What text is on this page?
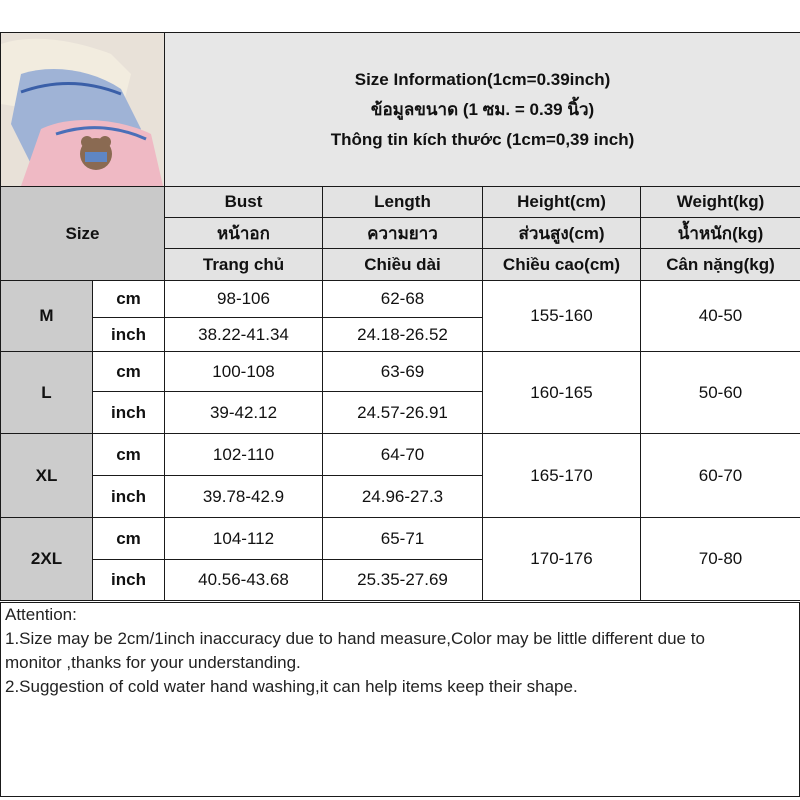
Size Information(1cm=0.39inch)
ข้อมูลขนาด (1 ซม. = 0.39 นิ้ว)
Thông tin kích thước (1cm=0,39 inch)			

Size		Bust	Length	Height(cm)	Weight(kg)
		หน้าอก	ความยาว	ส่วนสูง(cm)	น้ำหนัก(kg)
		Trang chủ	Chiều dài	Chiều cao(cm)	Cân nặng(kg)
M	cm	98-106	62-68	155-160	40-50
	inch	38.22-41.34	24.18-26.52		
L	cm	100-108	63-69	160-165	50-60
	inch	39-42.12	24.57-26.91		
XL	cm	102-110	64-70	165-170	60-70
	inch	39.78-42.9	24.96-27.3		
2XL	cm	104-112	65-71	170-176	70-80
	inch	40.56-43.68	25.35-27.69		

Attention:

1.Size may be 2cm/1inch inaccuracy due to hand measure,Color may be little different due to

monitor ,thanks for your understanding.

2.Suggestion of cold water hand washing,it can help items keep their shape.
